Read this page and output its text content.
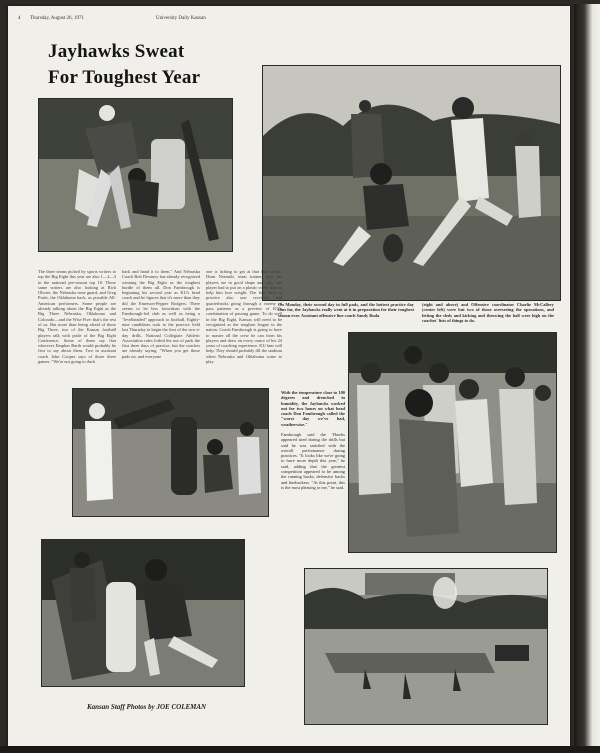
4 Thursday, August 26, 1971	University Daily Kansan
Jayhawks Sweat
For Toughest Year
The three teams picked by sports writers to top the Big Eight this year are also 1—2—3 in the national pre-season top 10. These same writers are also looking at Rich Olivier, the Nebraska nose guard, and Greg Pruitt, the Oklahoma back, as possible All-American performers. Some people are already talking about the Big Eight as the Big Three Nebraska, Oklahoma and Colorado—and the Wise Five: that's the rest of us. But more than being afraid of these Big Three, two of the Kansas football players talk with pride of the Big Eight Conference. Some of them say that wherever Emphas Barth would probably be first to say about them. Two in assistant coach John Cooper says of those three games: "We're not going to duck
back and hand it to them." And Nebraska Coach Bob Devaney has already recognized winning the Big Eight as the toughest hurdle of them all. Don Fambrough is beginning his second year as KU's head coach and he figures that it's more than they did the Emerson-Pepper Rodgers. There seems to be less favoritism with the Fambrough-led club as well as being a "levelheaded" approach to football. Eighty-nine candidates took to the practice field last Thursday to begin the first of the two-a-day drills. National Collegiate Athletic Association rules forbid the use of pads the first three days of practice, but the coaches are already saying, "When you get those pads on, and everyone
one is itching to get at that first tackle. Dean Nesmith, team trainer, says the players are in good shape and only one player had to put on a plastic sweat shirt to help him lose weight. The first days of practice also saw receivers and quarterbacks going through a variety of pass patterns as a preview of KU's combination of passing game. To do well in the Big Eight, Kansas will need to be recognized as the toughest league in the nation. Coach Fambrough is going to have to master all the crew he can from his players and draw on every ounce of his 24 years of coaching experience. KU fans will help. They should probably fill the stadium when Nebraska and Oklahoma come to play.
On Monday, their second day in full pads, and the hottest practice day thus far, the Jayhawks really went at it in preparation for their toughest season ever. Assistant offensive line coach Sandy Buda
(right and above) and Offensive coordinator Charlie McCallery (center left) were but two of those overseeing the operations, and letting the sleds and kicking and throwing the ball were high on the coaches' lists of things to do.
With the temperature close to 100 degrees and drenched in humidity, the Jayhawks worked out for two hours on what head coach Don Fambrough called the "worst day we've had, weatherwise."
Fambrough said the 'Hawks appeared tired during the drills but said he was satisfied with the overall performance during practices. "It looks like we're going to have more depth this year," he said, adding that the greatest competition appeared to be among the running backs, defensive backs and linebackers. "At this point, this is the most pleasing to me," he said.
Kansan Staff Photos by JOE COLEMAN
